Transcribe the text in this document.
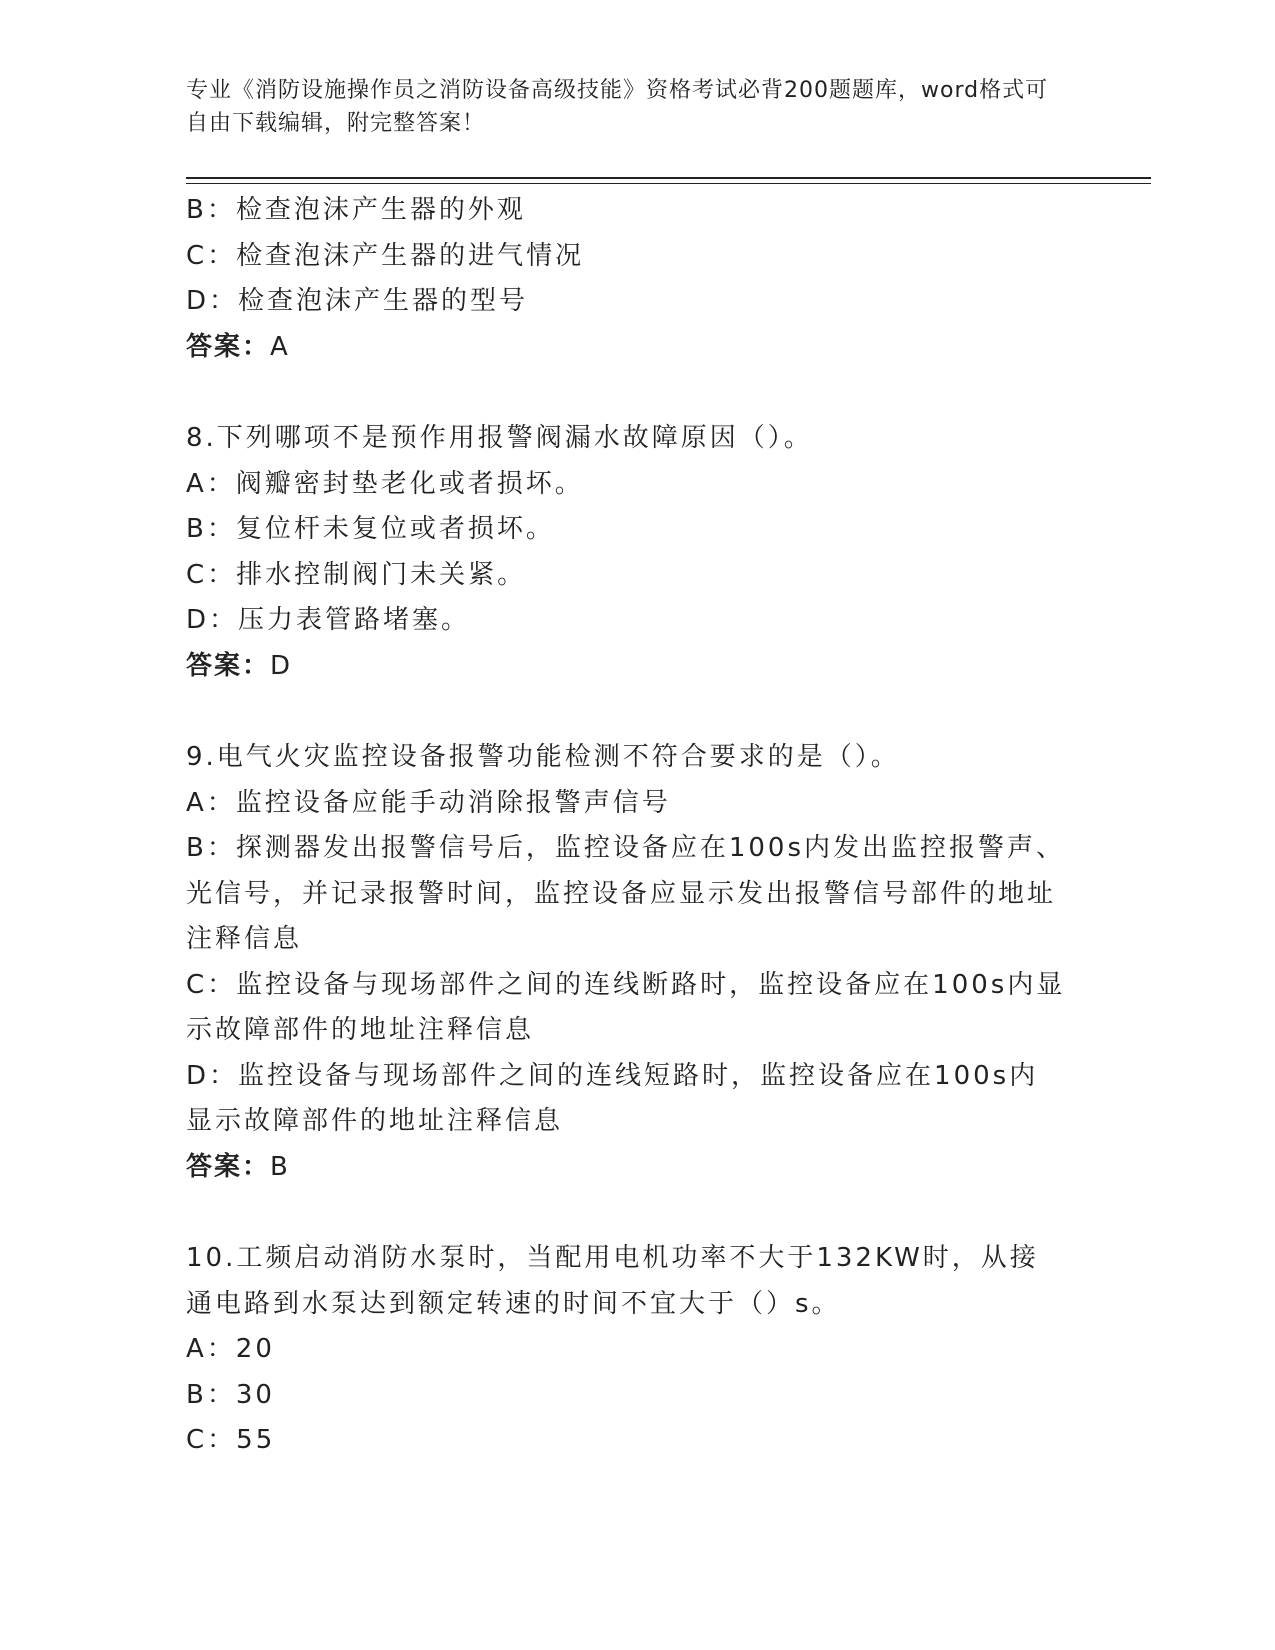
专业《消防设施操作员之消防设备高级技能》资格考试必背200题题库，word格式可自由下载编辑，附完整答案！
B：检查泡沫产生器的外观
C：检查泡沫产生器的进气情况
D：检查泡沫产生器的型号
答案：A
8.下列哪项不是预作用报警阀漏水故障原因（）。
A：阀瓣密封垫老化或者损坏。
B：复位杆未复位或者损坏。
C：排水控制阀门未关紧。
D：压力表管路堵塞。
答案：D
9.电气火灾监控设备报警功能检测不符合要求的是（）。
A：监控设备应能手动消除报警声信号
B：探测器发出报警信号后，监控设备应在100s内发出监控报警声、光信号，并记录报警时间，监控设备应显示发出报警信号部件的地址注释信息
C：监控设备与现场部件之间的连线断路时，监控设备应在100s内显示故障部件的地址注释信息
D：监控设备与现场部件之间的连线短路时，监控设备应在100s内显示故障部件的地址注释信息
答案：B
10.工频启动消防水泵时，当配用电机功率不大于132KW时，从接通电路到水泵达到额定转速的时间不宜大于（）s。
A：20
B：30
C：55
